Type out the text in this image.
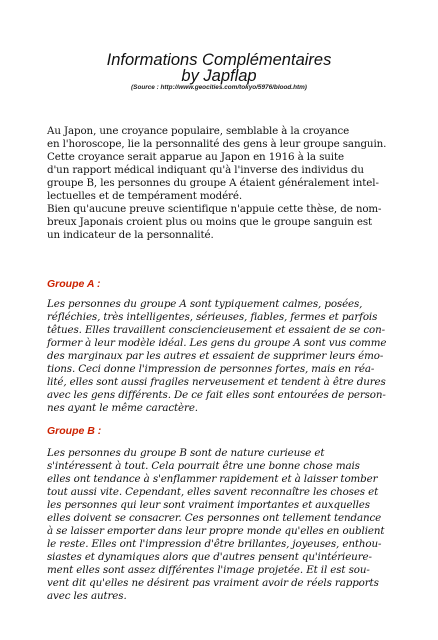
Informations Complémentaires
by Japflap
(Source : http://www.geocities.com/tokyo/5976/blood.htm)
Au Japon, une croyance populaire, semblable à la croyance
en l'horoscope, lie la personnalité des gens à leur groupe sanguin.
Cette croyance serait apparue au Japon en 1916 à la suite
d'un rapport médical indiquant qu'à l'inverse des individus du
groupe B, les personnes du groupe A étaient généralement intel-
lectuelles et de tempérament modéré.
Bien qu'aucune preuve scientifique n'appuie cette thèse, de nom-
breux Japonais croient plus ou moins que le groupe sanguin est
un indicateur de la personnalité.
Groupe A :
Les personnes du groupe A sont typiquement calmes, posées,
réfléchies, très intelligentes, sérieuses, fiables, fermes et parfois
têtues. Elles travaillent consciencieusement et essaient de se con-
former à leur modèle idéal. Les gens du groupe A sont vus comme
des marginaux par les autres et essaient de supprimer leurs émo-
tions. Ceci donne l'impression de personnes fortes, mais en réa-
lité, elles sont aussi fragiles nerveusement et tendent à être dures
avec les gens différents. De ce fait elles sont entourées de person-
nes ayant le même caractère.
Groupe B :
Les personnes du groupe B sont de nature curieuse et
s'intéressent à tout. Cela pourrait être une bonne chose mais
elles ont tendance à s'enflammer rapidement et à laisser tomber
tout aussi vite. Cependant, elles savent reconnaître les choses et
les personnes qui leur sont vraiment importantes et auxquelles
elles doivent se consacrer. Ces personnes ont tellement tendance
à se laisser emporter dans leur propre monde qu'elles en oublient
le reste. Elles ont l'impression d'être brillantes, joyeuses, enthou-
siastes et dynamiques alors que d'autres pensent qu'intérieure-
ment elles sont assez différentes l'image projetée. Et il est sou-
vent dit qu'elles ne désirent pas vraiment avoir de réels rapports
avec les autres.
